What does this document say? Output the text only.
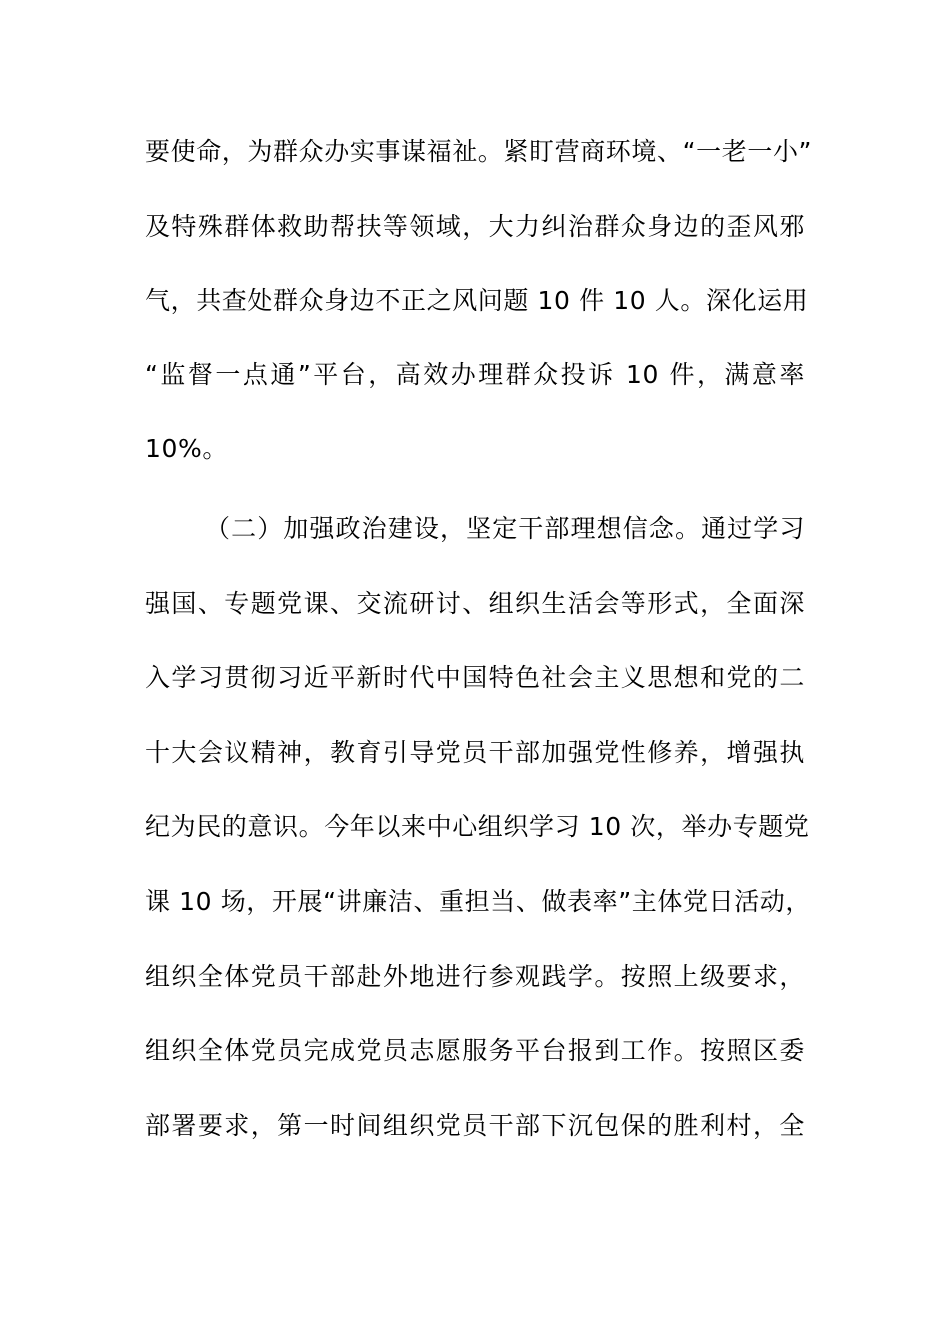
要使命，为群众办实事谋福祉。紧盯营商环境、“一老一小”
及特殊群体救助帮扶等领域，大力纠治群众身边的歪风邪
气，共查处群众身边不正之风问题 10 件 10 人。深化运用
“监督一点通”平台，高效办理群众投诉 10 件，满意率
10%。
（二）加强政治建设，坚定干部理想信念。通过学习
强国、专题党课、交流研讨、组织生活会等形式，全面深
入学习贯彻习近平新时代中国特色社会主义思想和党的二
十大会议精神，教育引导党员干部加强党性修养，增强执
纪为民的意识。今年以来中心组织学习 10 次，举办专题党
课 10 场，开展“讲廉洁、重担当、做表率”主体党日活动，
组织全体党员干部赴外地进行参观践学。按照上级要求，
组织全体党员完成党员志愿服务平台报到工作。按照区委
部署要求，第一时间组织党员干部下沉包保的胜利村，全
